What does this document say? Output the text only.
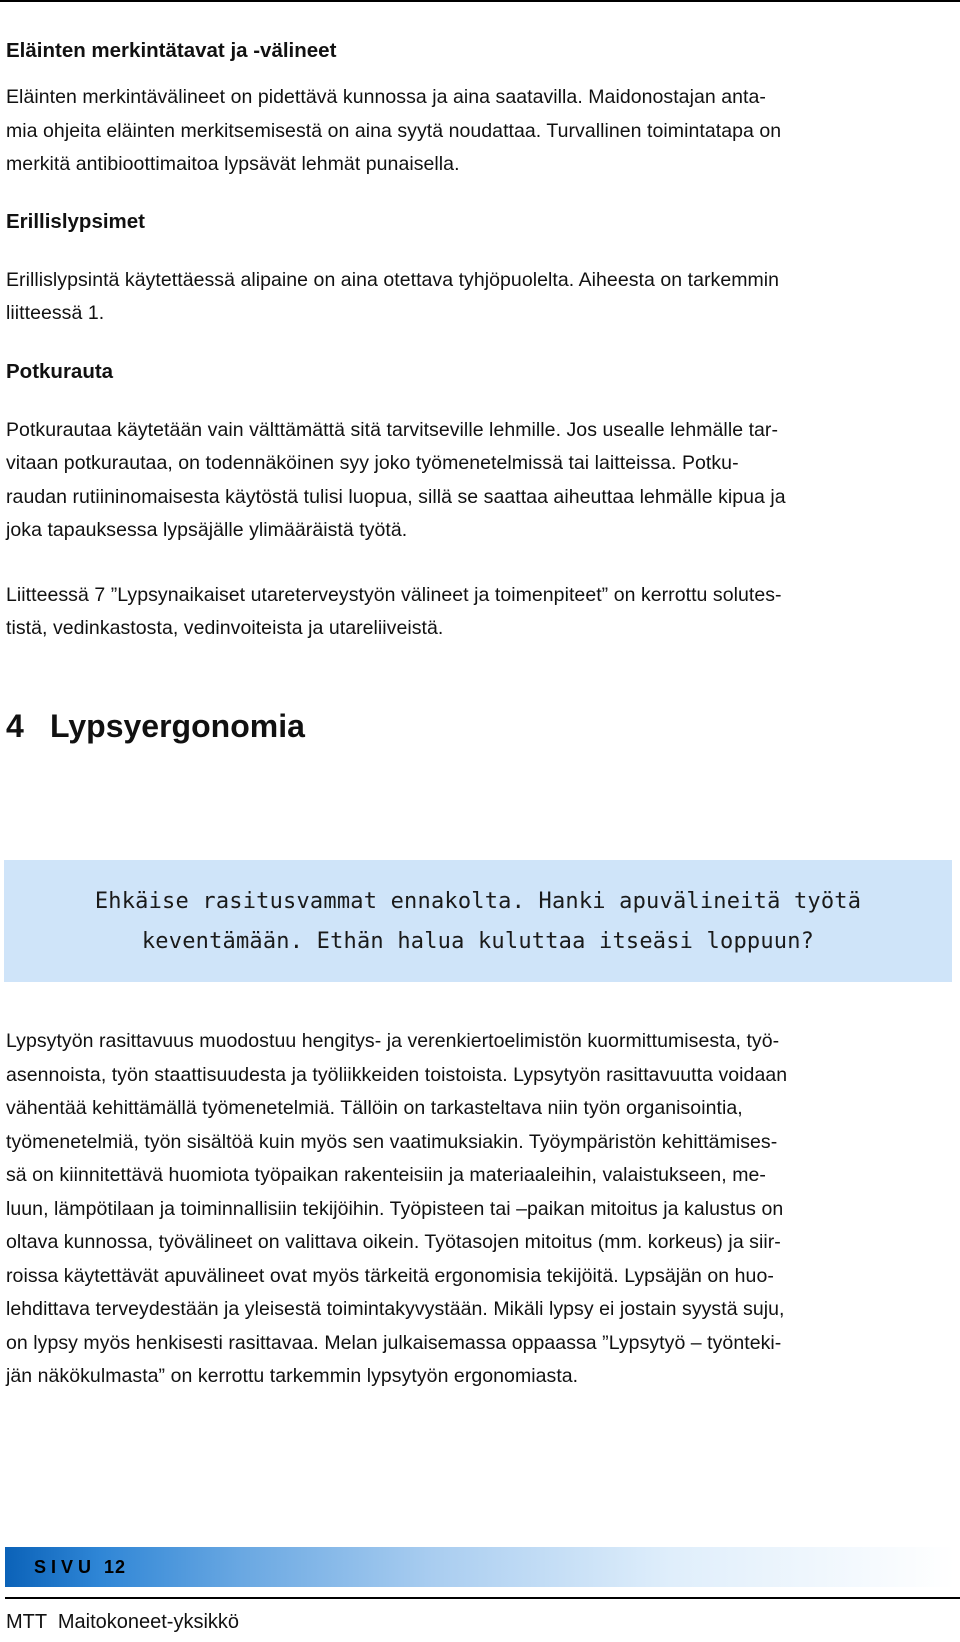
Eläinten merkintätavat ja -välineet
Eläinten merkintävälineet on pidettävä kunnossa ja aina saatavilla. Maidonostajan anta-
mia ohjeita eläinten merkitsemisestä on aina syytä noudattaa. Turvallinen toimintatapa on
merkitä antibioottimaitoa lypsävät lehmät punaisella.
Erillislypsimet
Erillislypsintä käytettäessä alipaine on aina otettava tyhjöpuolelta. Aiheesta on tarkemmin
liitteessä 1.
Potkurauta
Potkurautaa käytetään vain välttämättä sitä tarvitseville lehmille. Jos usealle lehmälle tar-
vitaan potkurautaa, on todennäköinen syy joko työmenetelmissä tai laitteissa. Potku-
raudan rutiininomaisesta käytöstä tulisi luopua, sillä se saattaa aiheuttaa lehmälle kipua ja
joka tapauksessa lypsäjälle ylimääräistä työtä.
Liitteessä 7 ”Lypsynaikaiset utareterveystyön välineet ja toimenpiteet” on kerrottu solutes-
tistä, vedinkastosta, vedinvoiteista ja utareliiveistä.
4 Lypsyergonomia
Ehkäise rasitusvammat ennakolta. Hanki apuvälineitä työtä
keventämään. Ethän halua kuluttaa itseäsi loppuun?
Lypsytyön rasittavuus muodostuu hengitys- ja verenkiertoelimistön kuormittumisesta, työ-
asennoista, työn staattisuudesta ja työliikkeiden toistoista. Lypsytyön rasittavuutta voidaan
vähentää kehittämällä työmenetelmiä. Tällöin on tarkasteltava niin työn organisointia,
työmenetelmiä, työn sisältöä kuin myös sen vaatimuksiakin. Työympäristön kehittämises-
sä on kiinnitettävä huomiota työpaikan rakenteisiin ja materiaaleihin, valaistukseen, me-
luun, lämpötilaan ja toiminnallisiin tekijöihin. Työpisteen tai –paikan mitoitus ja kalustus on
oltava kunnossa, työvälineet on valittava oikein. Työtasojen mitoitus (mm. korkeus) ja siir-
roissa käytettävät apuvälineet ovat myös tärkeitä ergonomisia tekijöitä. Lypsäjän on huo-
lehdittava terveydestään ja yleisestä toimintakyvystään. Mikäli lypsy ei jostain syystä suju,
on lypsy myös henkisesti rasittavaa. Melan julkaisemassa oppaassa ”Lypsytyö – työnteki-
jän näkökulmasta” on kerrottu tarkemmin lypsytyön ergonomiasta.
SIVU 12
MTT  Maitokoneet-yksikkö
